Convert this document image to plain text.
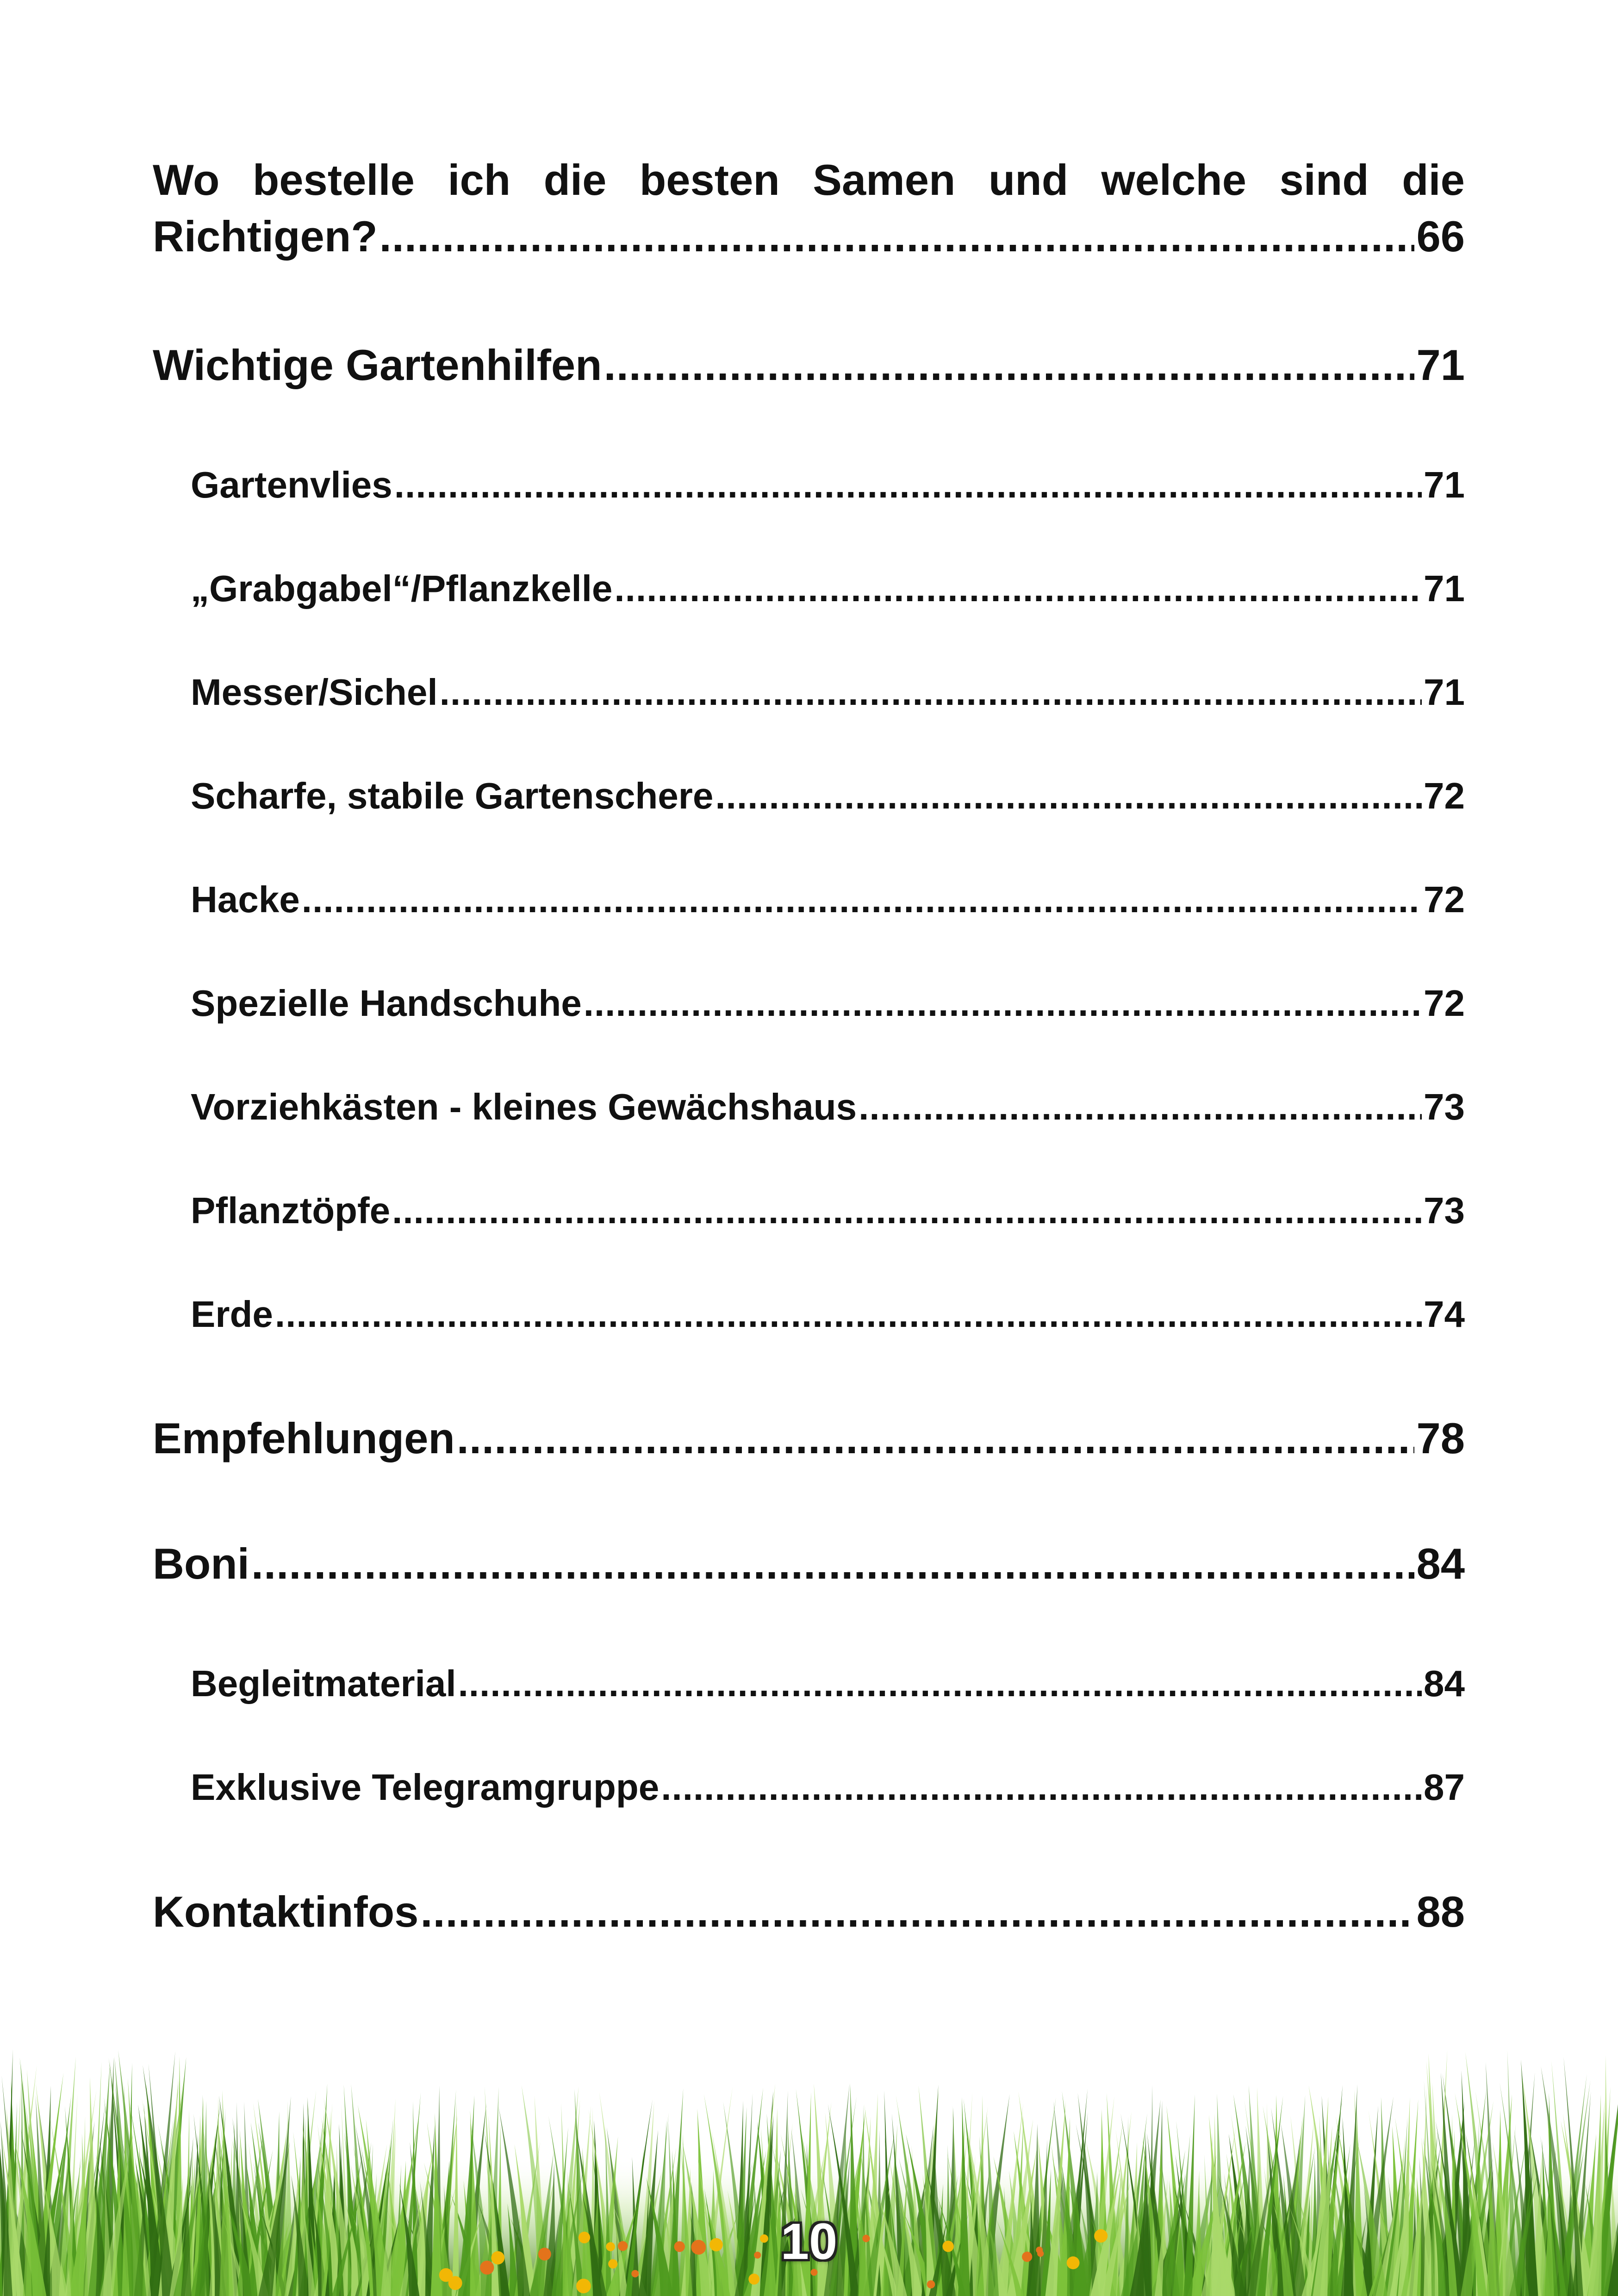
Wo bestelle ich die besten Samen und welche sind die
Richtigen? .....	66
Wichtige Gartenhilfen .....	71
Gartenvlies .....	71
„Grabgabel“/Pflanzkelle .....	71
Messer/Sichel .....	71
Scharfe, stabile Gartenschere .....	72
Hacke .....	72
Spezielle Handschuhe .....	72
Vorziehkästen - kleines Gewächshaus .....	73
Pflanztöpfe .....	73
Erde .....	74
Empfehlungen .....	78
Boni .....	84
Begleitmaterial .....	84
Exklusive Telegramgruppe .....	87
Kontaktinfos .....	88
10
